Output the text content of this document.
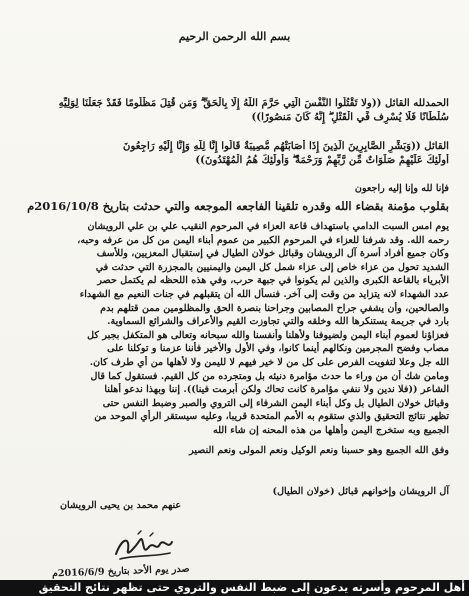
بسم الله الرحمن الرحيم
الحمدلله القائل ((ولا تَقْتُلُوا النَّفْسَ الَّتِي حَرَّمَ اللَّهُ إِلَّا بِالْحَقِّ ۗ وَمَن قُتِلَ مَظْلُومًا فَقَدْ جَعَلْنَا لِوَلِيِّهِ
سُلْطَانًا فَلَا يُسْرِف فِّي الْقَتْلِ ۖ إِنَّهُ كَانَ مَنصُورًا))
القائل ((وَبَشِّرِ الصَّابِرِينَ الَّذِينَ إِذَا أَصَابَتْهُم مُّصِيبَةٌ قَالُوا إِنَّا لِلَّهِ وَإِنَّا إِلَيْهِ رَاجِعُونَ
أُولَٰئِكَ عَلَيْهِمْ صَلَوَاتٌ مِّن رَّبِّهِمْ وَرَحْمَةٌ ۖ وَأُولَٰئِكَ هُمُ الْمُهْتَدُونَ))
فإنا لله وإنا إليه راجعون
بقلوب مؤمنة بقضاء الله وقدره تلقينا الفاجعه الموجعه والتي حدثت بتاريخ 2016/10/8م
يوم امس السبت الدامي باستهداف قاعة العزاء في المرحوم النقيب علي بن علي الرويشان
رحمه الله. وقد شرفنا للعزاء في المرحوم الكبير من عموم أبناء اليمن من كل من عرفه وحبه،
وكان جميع أفراد أسرة آل الرويشان وقبائل خولان الطيال في إستقبال المعزيين، وللأسف
الشديد تحول من عزاء خاص إلى عزاء شمل كل اليمن واليمنيين بالمجزرة التي حدثت في
الأبرياء بالقاعة الكبرى والذين لم يكونوا في جبهة حرب، وفي هذه اللحظه لم يكتمل حصر
عدد الشهداء لانه يتزايد من وقت إلى آخر. فنسأل الله أن يتقبلهم في جنات النعيم مع الشهداء
والصالحين، وأن يشفي جراح المصابين وجراحنا بنصرة الحق والمظلومين ممن قتلهم بدم
بارد في جريمة يستنكرها الله وخلقه والتي تجاوزت القيم والأعراف والشرائع السماوية.
فعزاؤنا لعموم أبناء اليمن ولضيوفنا ولأهلنا وأنفسنا والله سبحانه وتعالى هو المتكفل بجبر كل
مصاب وفضح المجرمين ونكالهم أينما كانوا، وفي الأول والأخير فأننا عزمنا و توكلنا على
الله جل وعلا لتفويت الفرص على كل من لا خير فيهم لا لليمن ولا لأهلها من أي طرف كان.
ومامن شك أن من وراء ما حدث مؤامرة دنيئه بل ومتجرده من كل القيم. فستقول كما قال
الشاعر ((فلا ندين ولا ننفي مؤامرة كانت تحاك ولكن أبرمت فينا)). إننا وبهذا ندعو أهلنا
وقبائل خولان الطيال بل وكل أبناء اليمن الشرفاء إلى التروي والصبر وضبط النفس حتى
تظهر نتائج التحقيق والذي ستقوم به الأمم المتحدة قريبا، وعليه سيستقر الرأي الموحد من
الجميع وبه ستخرج اليمن وأهلها من هذه المحنه إن شاء الله
وفق الله الجميع وهو حسبنا ونعم الوكيل ونعم المولى ونعم النصير
آل الرويشان وإخوانهم قبائل (خولان الطيال)
عنهم محمد بن يحيى الرويشان
صدر يوم الأحد بتاريخ 2016/6/9م
أهل المرحوم وأسرته يدعون إلى ضبط النفس والتروي حتى تظهر نتائج التحقيق
